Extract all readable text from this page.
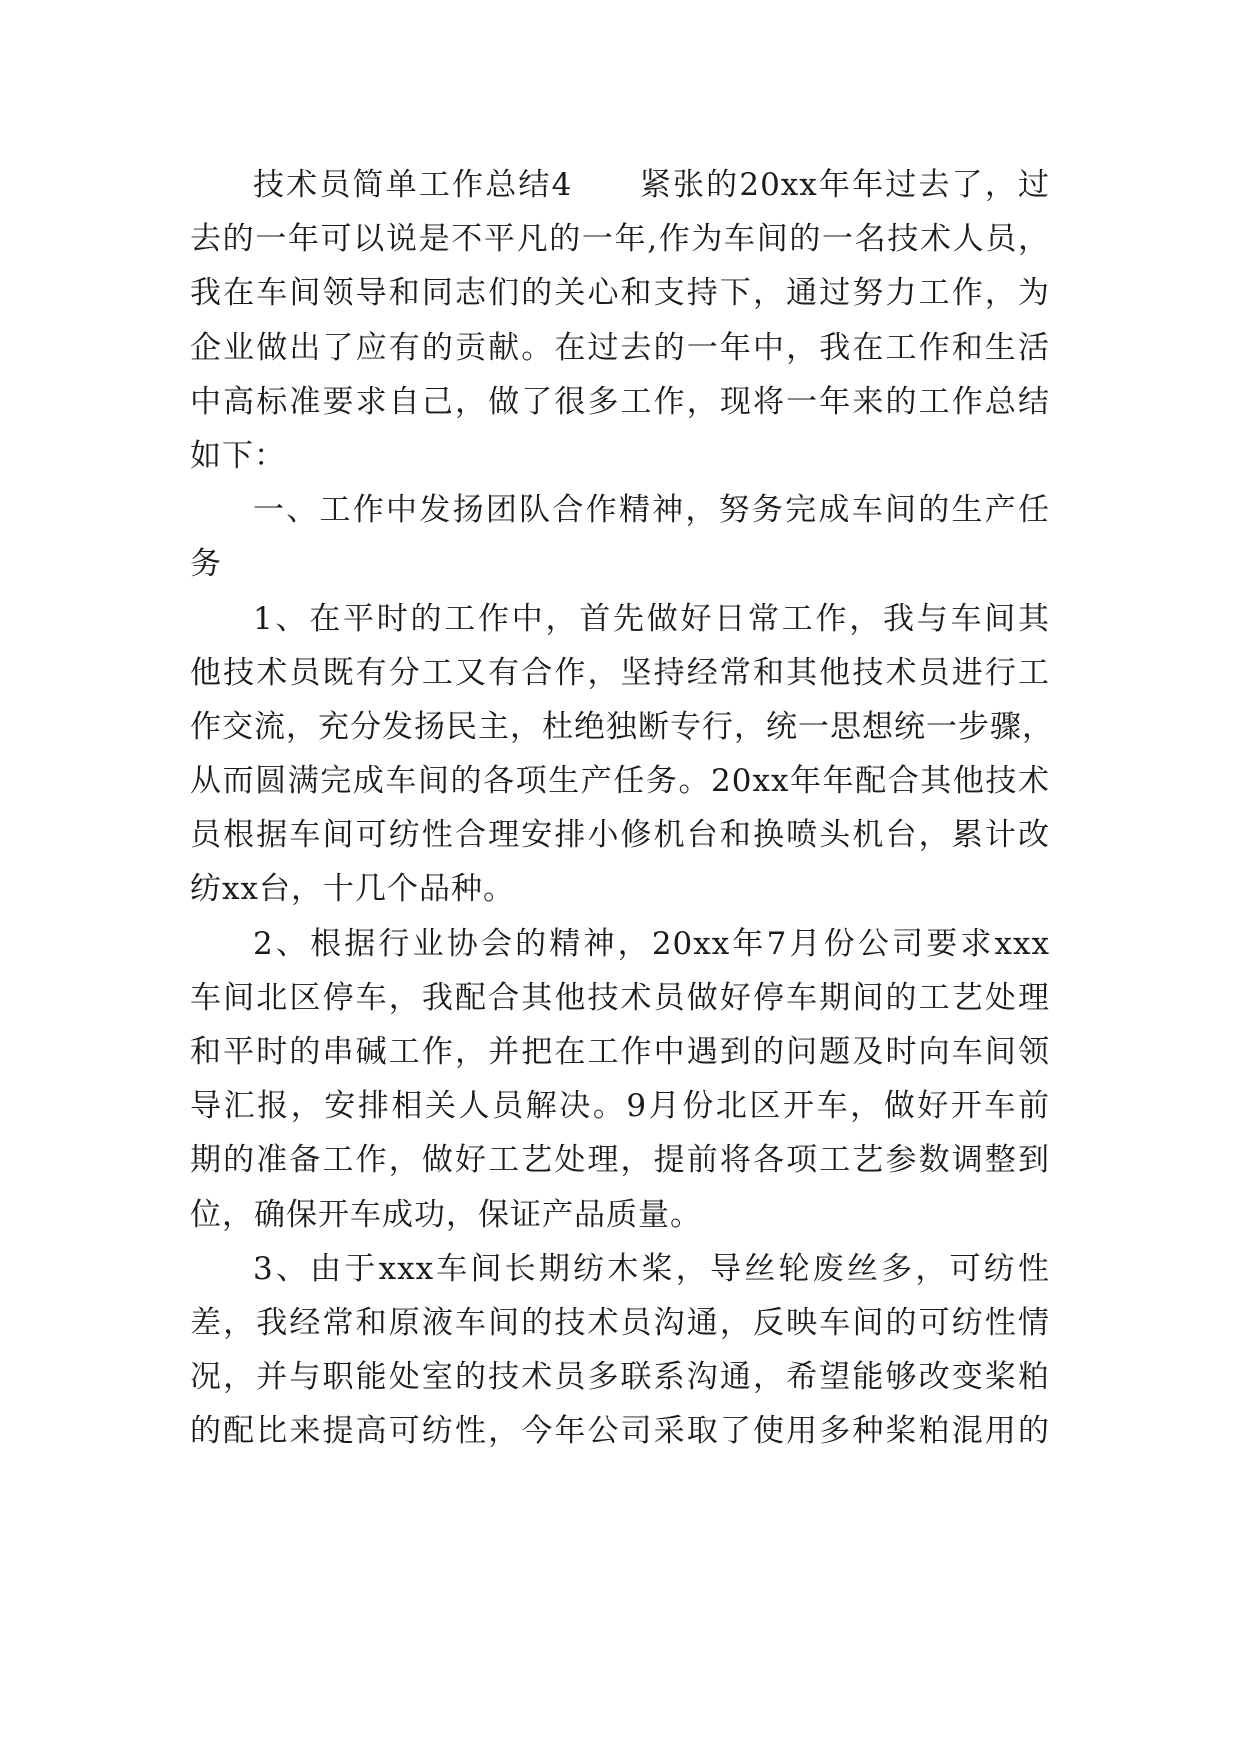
技术员简单工作总结4　　紧张的20xx年年过去了，过
去的一年可以说是不平凡的一年,作为车间的一名技术人员，
我在车间领导和同志们的关心和支持下，通过努力工作，为
企业做出了应有的贡献。在过去的一年中，我在工作和生活
中高标准要求自己，做了很多工作，现将一年来的工作总结
如下：
一、工作中发扬团队合作精神，努务完成车间的生产任
务
1、在平时的工作中，首先做好日常工作，我与车间其
他技术员既有分工又有合作，坚持经常和其他技术员进行工
作交流，充分发扬民主，杜绝独断专行，统一思想统一步骤，
从而圆满完成车间的各项生产任务。20xx年年配合其他技术
员根据车间可纺性合理安排小修机台和换喷头机台，累计改
纺xx台，十几个品种。
2、根据行业协会的精神，20xx年7月份公司要求xxx
车间北区停车，我配合其他技术员做好停车期间的工艺处理
和平时的串碱工作，并把在工作中遇到的问题及时向车间领
导汇报，安排相关人员解决。9月份北区开车，做好开车前
期的准备工作，做好工艺处理，提前将各项工艺参数调整到
位，确保开车成功，保证产品质量。
3、由于xxx车间长期纺木桨，导丝轮废丝多，可纺性
差，我经常和原液车间的技术员沟通，反映车间的可纺性情
况，并与职能处室的技术员多联系沟通，希望能够改变桨粕
的配比来提高可纺性，今年公司采取了使用多种桨粕混用的
